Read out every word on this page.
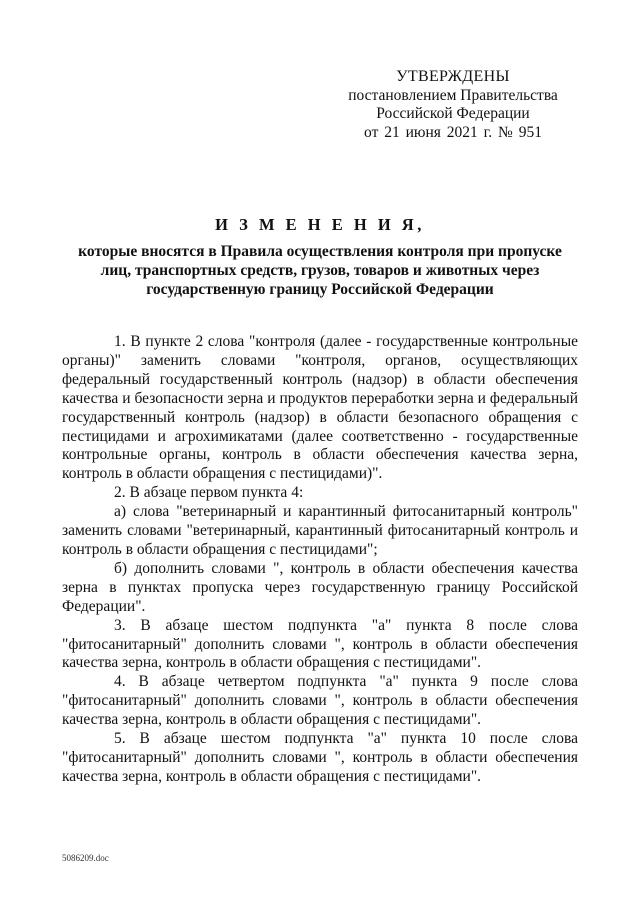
УТВЕРЖДЕНЫ
постановлением Правительства
Российской Федерации
от 21 июня 2021 г. № 951
И З М Е Н Е Н И Я,
которые вносятся в Правила осуществления контроля при пропуске лиц, транспортных средств, грузов, товаров и животных через государственную границу Российской Федерации

1. В пункте 2 слова "контроля (далее - государственные контрольные органы)" заменить словами "контроля, органов, осуществляющих федеральный государственный контроль (надзор) в области обеспечения качества и безопасности зерна и продуктов переработки зерна и федеральный государственный контроль (надзор) в области безопасного обращения с пестицидами и агрохимикатами (далее соответственно - государственные контрольные органы, контроль в области обеспечения качества зерна, контроль в области обращения с пестицидами)".

2. В абзаце первом пункта 4:

а) слова "ветеринарный и карантинный фитосанитарный контроль" заменить словами "ветеринарный, карантинный фитосанитарный контроль и контроль в области обращения с пестицидами";

б) дополнить словами ", контроль в области обеспечения качества зерна в пунктах пропуска через государственную границу Российской Федерации".

3. В абзаце шестом подпункта "а" пункта 8 после слова "фитосанитарный" дополнить словами ", контроль в области обеспечения качества зерна, контроль в области обращения с пестицидами".

4. В абзаце четвертом подпункта "а" пункта 9 после слова "фитосанитарный" дополнить словами ", контроль в области обеспечения качества зерна, контроль в области обращения с пестицидами".

5. В абзаце шестом подпункта "а" пункта 10 после слова "фитосанитарный" дополнить словами ", контроль в области обеспечения качества зерна, контроль в области обращения с пестицидами".

5086209.doc
